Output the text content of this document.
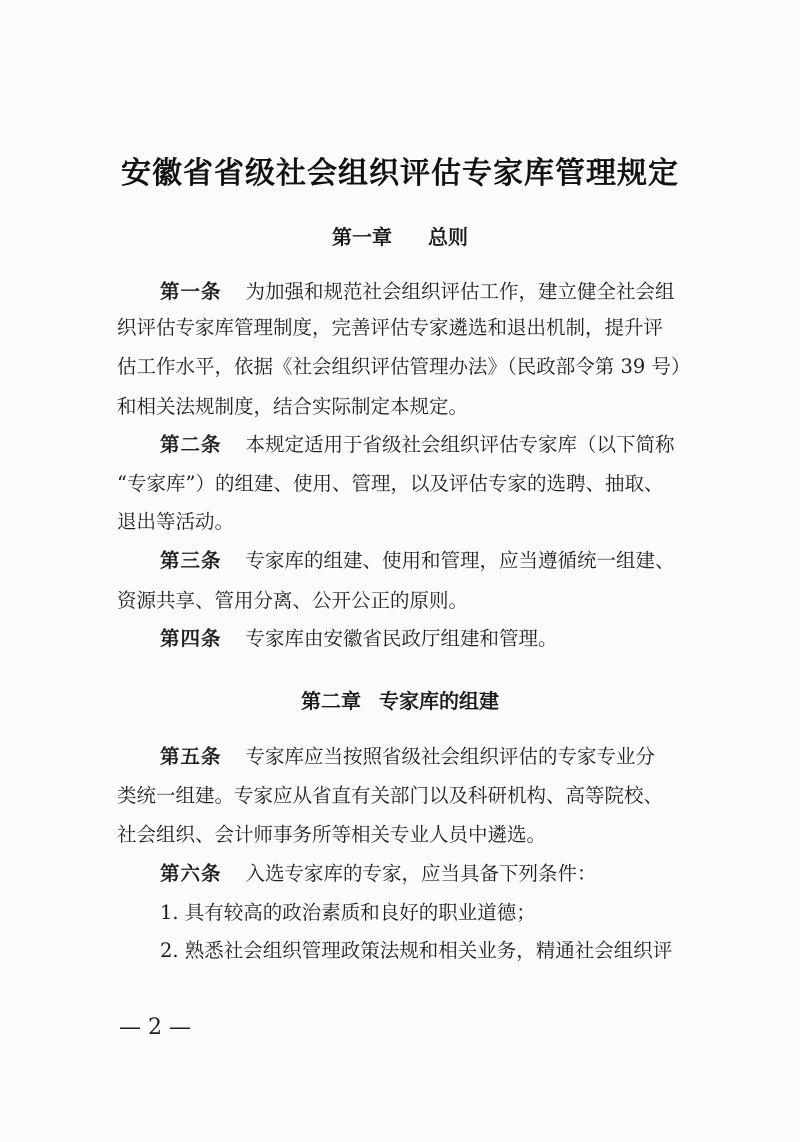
安徽省省级社会组织评估专家库管理规定
第一章 总则
第一条 为加强和规范社会组织评估工作，建立健全社会组
织评估专家库管理制度，完善评估专家遴选和退出机制，提升评
估工作水平，依据《社会组织评估管理办法》（民政部令第 39 号）
和相关法规制度，结合实际制定本规定。
第二条 本规定适用于省级社会组织评估专家库（以下简称
“专家库”）的组建、使用、管理，以及评估专家的选聘、抽取、
退出等活动。
第三条 专家库的组建、使用和管理，应当遵循统一组建、
资源共享、管用分离、公开公正的原则。
第四条 专家库由安徽省民政厅组建和管理。
第二章 专家库的组建
第五条 专家库应当按照省级社会组织评估的专家专业分
类统一组建。专家应从省直有关部门以及科研机构、高等院校、
社会组织、会计师事务所等相关专业人员中遴选。
第六条 入选专家库的专家，应当具备下列条件：
1. 具有较高的政治素质和良好的职业道德；
2. 熟悉社会组织管理政策法规和相关业务，精通社会组织评
— 2 —
